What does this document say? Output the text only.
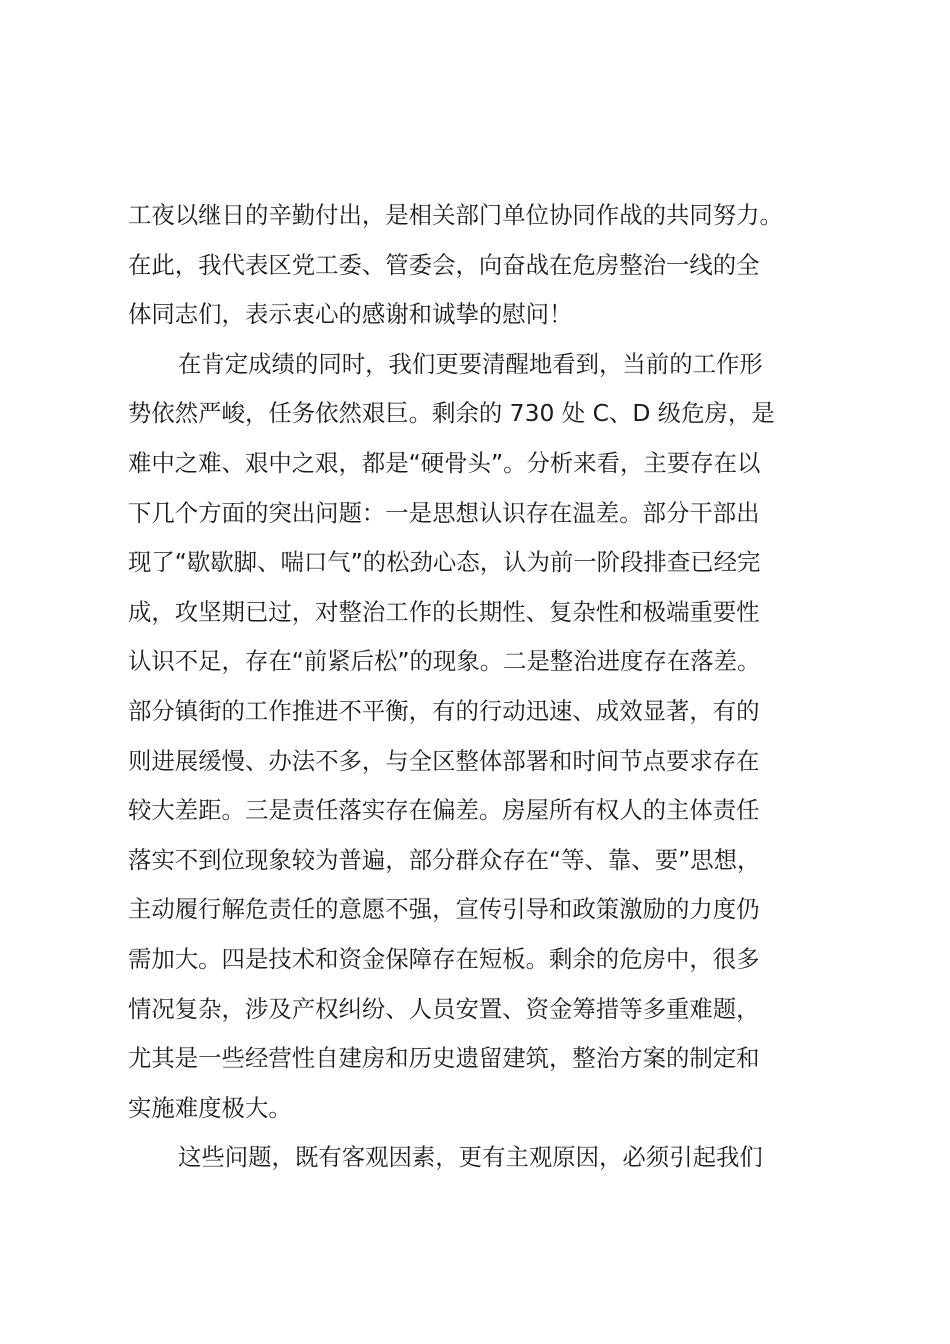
工夜以继日的辛勤付出，是相关部门单位协同作战的共同努力。
在此，我代表区党工委、管委会，向奋战在危房整治一线的全
体同志们，表示衷心的感谢和诚挚的慰问！
在肯定成绩的同时，我们更要清醒地看到，当前的工作形
势依然严峻，任务依然艰巨。剩余的 730 处 C、D 级危房，是
难中之难、艰中之艰，都是“硬骨头”。分析来看，主要存在以
下几个方面的突出问题：一是思想认识存在温差。部分干部出
现了“歇歇脚、喘口气”的松劲心态，认为前一阶段排查已经完
成，攻坚期已过，对整治工作的长期性、复杂性和极端重要性
认识不足，存在“前紧后松”的现象。二是整治进度存在落差。
部分镇街的工作推进不平衡，有的行动迅速、成效显著，有的
则进展缓慢、办法不多，与全区整体部署和时间节点要求存在
较大差距。三是责任落实存在偏差。房屋所有权人的主体责任
落实不到位现象较为普遍，部分群众存在“等、靠、要”思想，
主动履行解危责任的意愿不强，宣传引导和政策激励的力度仍
需加大。四是技术和资金保障存在短板。剩余的危房中，很多
情况复杂，涉及产权纠纷、人员安置、资金筹措等多重难题，
尤其是一些经营性自建房和历史遗留建筑，整治方案的制定和
实施难度极大。
这些问题，既有客观因素，更有主观原因，必须引起我们
